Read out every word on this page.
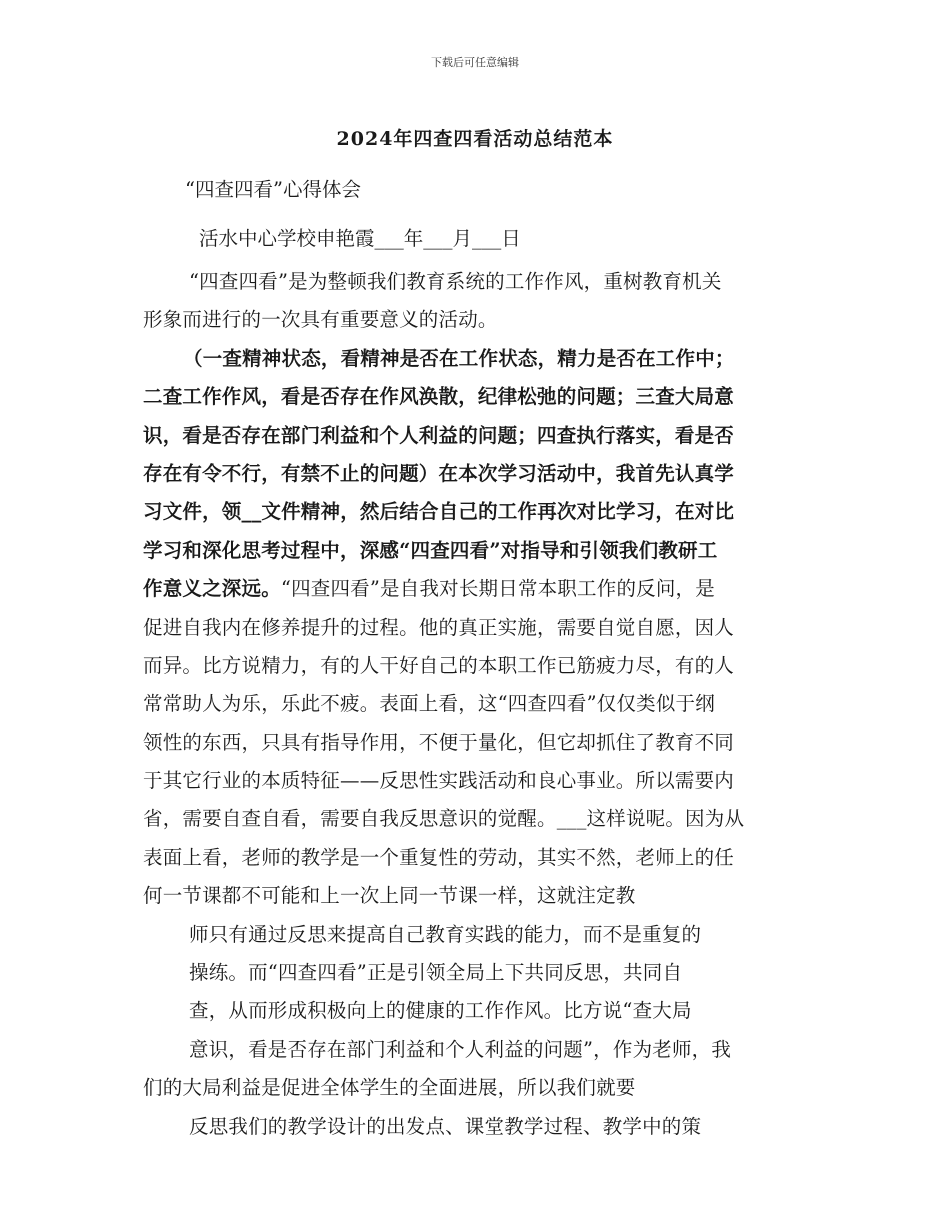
下载后可任意编辑
2024年四查四看活动总结范本
“四查四看”心得体会
活水中心学校申艳霞___年___月___日
“四查四看”是为整顿我们教育系统的工作作风，重树教育机关
形象而进行的一次具有重要意义的活动。
（一查精神状态，看精神是否在工作状态，精力是否在工作中；
二查工作作风，看是否存在作风涣散，纪律松弛的问题；三查大局意
识，看是否存在部门利益和个人利益的问题；四查执行落实，看是否
存在有令不行，有禁不止的问题）在本次学习活动中，我首先认真学
习文件，领__文件精神，然后结合自己的工作再次对比学习，在对比
学习和深化思考过程中，深感“四查四看”对指导和引领我们教研工
作意义之深远。“四查四看”是自我对长期日常本职工作的反问，是
促进自我内在修养提升的过程。他的真正实施，需要自觉自愿，因人
而异。比方说精力，有的人干好自己的本职工作已筋疲力尽，有的人
常常助人为乐，乐此不疲。表面上看，这“四查四看”仅仅类似于纲
领性的东西，只具有指导作用，不便于量化，但它却抓住了教育不同
于其它行业的本质特征——反思性实践活动和良心事业。所以需要内
省，需要自查自看，需要自我反思意识的觉醒。___这样说呢。因为从
表面上看，老师的教学是一个重复性的劳动，其实不然，老师上的任
何一节课都不可能和上一次上同一节课一样，这就注定教
师只有通过反思来提高自己教育实践的能力，而不是重复的
操练。而“四查四看”正是引领全局上下共同反思，共同自
查，从而形成积极向上的健康的工作作风。比方说“查大局
意识，看是否存在部门利益和个人利益的问题”，作为老师，我
们的大局利益是促进全体学生的全面进展，所以我们就要
反思我们的教学设计的出发点、课堂教学过程、教学中的策
